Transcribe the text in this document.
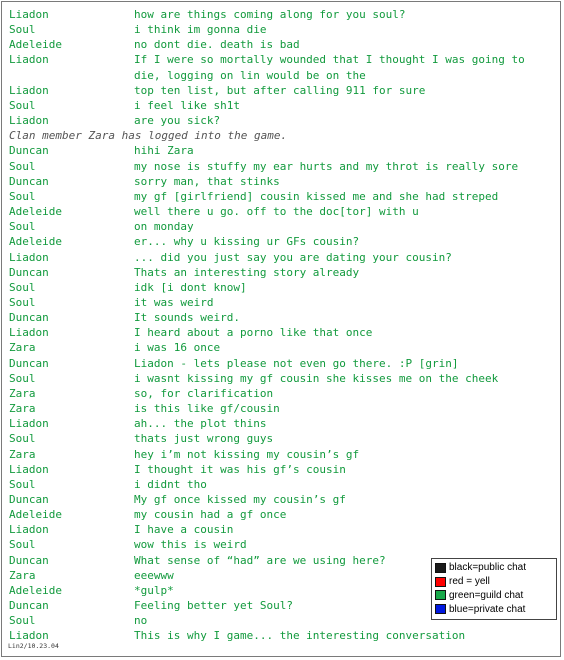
Liadon	how are things coming along for you soul?
Soul	i think im gonna die
Adeleide	no dont die. death is bad
Liadon	If I were so mortally wounded that I thought I was going to die, logging on lin would be on the
Liadon	top ten list, but after calling 911 for sure
Soul	i feel like sh1t
Liadon	are you sick?
Clan member Zara has logged into the game.
Duncan	hihi Zara
Soul	my nose is stuffy my ear hurts and my throt is really sore
Duncan	sorry man, that stinks
Soul	my gf [girlfriend] cousin kissed me and she had streped
Adeleide	well there u go. off to the doc[tor] with u
Soul	on monday
Adeleide	er... why u kissing ur GFs cousin?
Liadon	... did you just say you are dating your cousin?
Duncan	Thats an interesting story already
Soul	idk [i dont know]
Soul	it was weird
Duncan	It sounds weird.
Liadon	I heard about a porno like that once
Zara	i was 16 once
Duncan	Liadon - lets please not even go there. :P [grin]
Soul	i wasnt kissing my gf cousin she kisses me on the cheek
Zara	so, for clarification
Zara	is this like gf/cousin
Liadon	ah... the plot thins
Soul	thats just wrong guys
Zara	hey i’m not kissing my cousin’s gf
Liadon	I thought it was his gf’s cousin
Soul	i didnt tho
Duncan	My gf once kissed my cousin’s gf
Adeleide	my cousin had a gf once
Liadon	I have a cousin
Soul	wow this is weird
Duncan	What sense of “had” are we using here?
Zara	eeewww
Adeleide	*gulp*
Duncan	Feeling better yet Soul?
Soul	no
Liadon	This is why I game... the interesting conversation
Lin2/10.23.04
black=public chat
red = yell
green=guild chat
blue=private chat
